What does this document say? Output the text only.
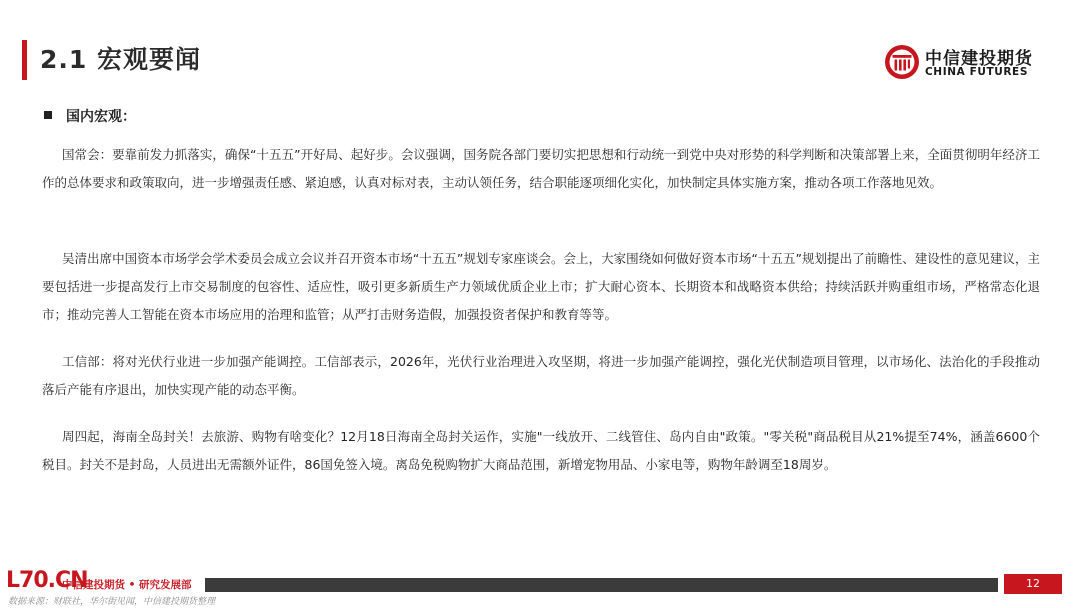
2.1 宏观要闻	中信建投期货
CHINA FUTURES
国内宏观：

国常会：要靠前发力抓落实，确保“十五五”开好局、起好步。会议强调，国务院各部门要切实把思想和行动统一到党中央对形势的科学判断和决策部署上来，全面贯彻明年经济工作的总体要求和政策取向，进一步增强责任感、紧迫感，认真对标对表，主动认领任务，结合职能逐项细化实化，加快制定具体实施方案，推动各项工作落地见效。

吴清出席中国资本市场学会学术委员会成立会议并召开资本市场“十五五”规划专家座谈会。会上，大家围绕如何做好资本市场“十五五”规划提出了前瞻性、建设性的意见建议，主要包括进一步提高发行上市交易制度的包容性、适应性，吸引更多新质生产力领域优质企业上市；扩大耐心资本、长期资本和战略资本供给；持续活跃并购重组市场，严格常态化退市；推动完善人工智能在资本市场应用的治理和监管；从严打击财务造假，加强投资者保护和教育等等。

工信部：将对光伏行业进一步加强产能调控。工信部表示，2026年，光伏行业治理进入攻坚期，将进一步加强产能调控，强化光伏制造项目管理，以市场化、法治化的手段推动落后产能有序退出，加快实现产能的动态平衡。

周四起，海南全岛封关！去旅游、购物有啥变化？12月18日海南全岛封关运作，实施"一线放开、二线管住、岛内自由"政策。"零关税"商品税目从21%提至74%，涵盖6600个税目。封关不是封岛，人员进出无需额外证件，86国免签入境。离岛免税购物扩大商品范围，新增宠物用品、小家电等，购物年龄调至18周岁。

12
中信建投期货 • 研究发展部
L70.CN
数据来源：财联社，华尔街见闻，中信建投期货整理
